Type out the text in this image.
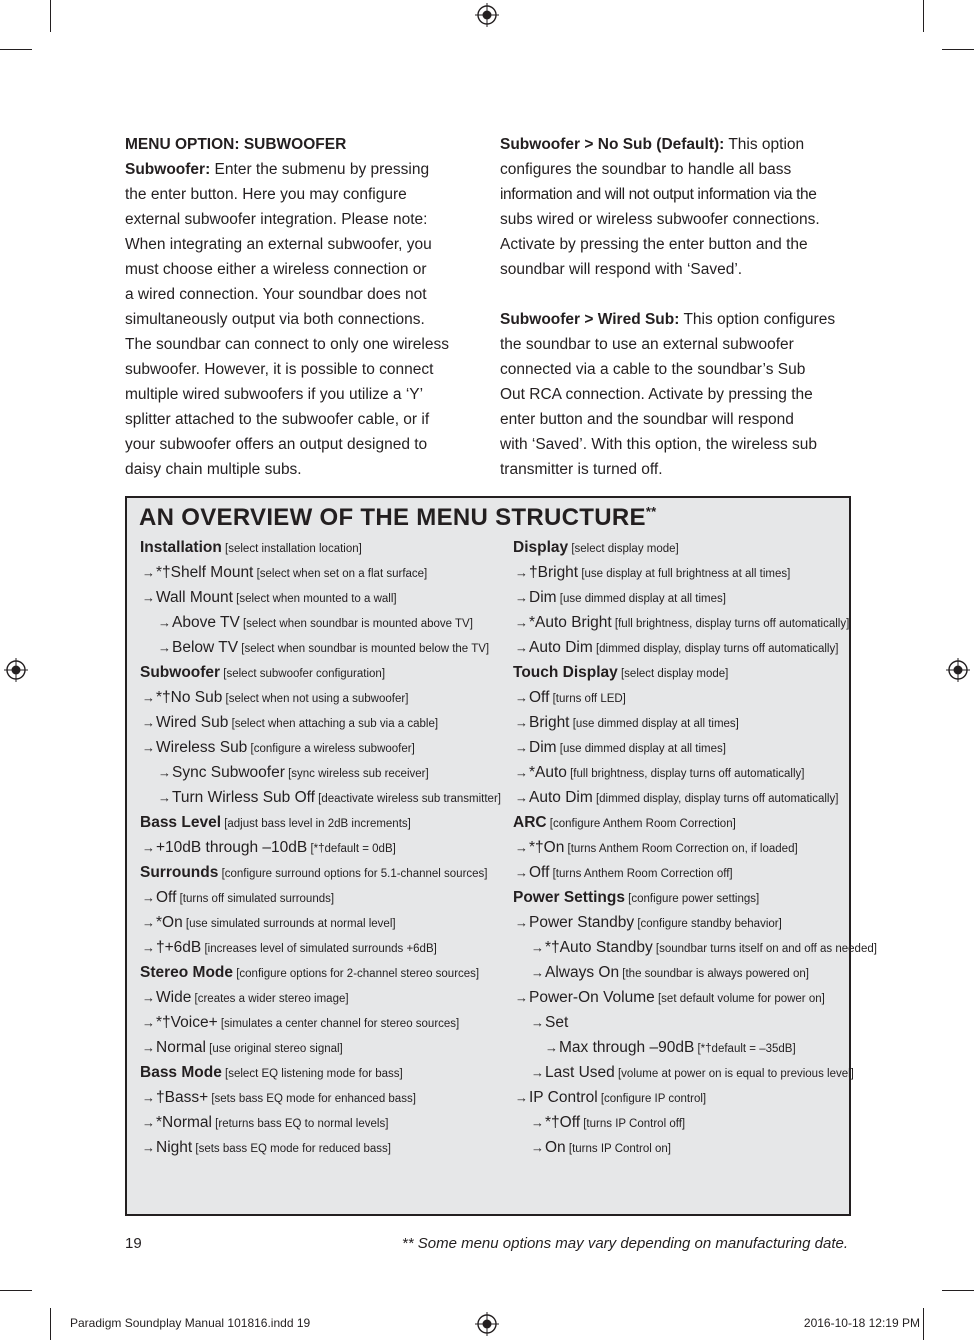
MENU OPTION: SUBWOOFER

Subwoofer: Enter the submenu by pressing

the enter button. Here you may configure

external subwoofer integration. Please note:

When integrating an external subwoofer, you

must choose either a wireless connection or

a wired connection. Your soundbar does not

simultaneously output via both connections.

The soundbar can connect to only one wireless

subwoofer. However, it is possible to connect

multiple wired subwoofers if you utilize a ‘Y’

splitter attached to the subwoofer cable, or if

your subwoofer offers an output designed to

daisy chain multiple subs.

Subwoofer > No Sub (Default): This option

configures the soundbar to handle all bass

information and will not output information via the

subs wired or wireless subwoofer connections.

Activate by pressing the enter button and the

soundbar will respond with ‘Saved’.

Subwoofer > Wired Sub: This option configures

the soundbar to use an external subwoofer

connected via a cable to the soundbar’s Sub

Out RCA connection. Activate by pressing the

enter button and the soundbar will respond

with ‘Saved’. With this option, the wireless sub

transmitter is turned off.

AN OVERVIEW OF THE MENU STRUCTURE**
Installation [select installation location]
→*†Shelf Mount [select when set on a flat surface]
→Wall Mount [select when mounted to a wall]
→Above TV [select when soundbar is mounted above TV]
→Below TV [select when soundbar is mounted below the TV]
Subwoofer [select subwoofer configuration]
→*†No Sub [select when not using a subwoofer]
→Wired Sub [select when attaching a sub via a cable]
→Wireless Sub [configure a wireless subwoofer]
→Sync Subwoofer [sync wireless sub receiver]
→Turn Wirless Sub Off [deactivate wireless sub transmitter]
Bass Level [adjust bass level in 2dB increments]
→+10dB through –10dB [*†default = 0dB]
Surrounds [configure surround options for 5.1-channel sources]
→Off [turns off simulated surrounds]
→*On [use simulated surrounds at normal level]
→†+6dB [increases level of simulated surrounds +6dB]
Stereo Mode [configure options for 2-channel stereo sources]
→Wide [creates a wider stereo image]
→*†Voice+ [simulates a center channel for stereo sources]
→Normal [use original stereo signal]
Bass Mode [select EQ listening mode for bass]
→†Bass+ [sets bass EQ mode for enhanced bass]
→*Normal [returns bass EQ to normal levels]
→Night [sets bass EQ mode for reduced bass]
Display [select display mode]
→†Bright [use display at full brightness at all times]
→Dim [use dimmed display at all times]
→*Auto Bright [full brightness, display turns off automatically]
→Auto Dim [dimmed display, display turns off automatically]
Touch Display [select display mode]
→Off [turns off LED]
→Bright [use dimmed display at all times]
→Dim [use dimmed display at all times]
→*Auto [full brightness, display turns off automatically]
→Auto Dim [dimmed display, display turns off automatically]
ARC [configure Anthem Room Correction]
→*†On [turns Anthem Room Correction on, if loaded]
→Off [turns Anthem Room Correction off]
Power Settings [configure power settings]
→Power Standby [configure standby behavior]
→*†Auto Standby [soundbar turns itself on and off as needed]
→Always On [the soundbar is always powered on]
→Power-On Volume [set default volume for power on]
→Set
→Max through –90dB [*†default = –35dB]
→Last Used [volume at power on is equal to previous level]
→IP Control [configure IP control]
→*†Off [turns IP Control off]
→On [turns IP Control on]
19	** Some menu options may vary depending on manufacturing date.
Paradigm Soundplay Manual 101816.indd 19	2016-10-18 12:19 PM
